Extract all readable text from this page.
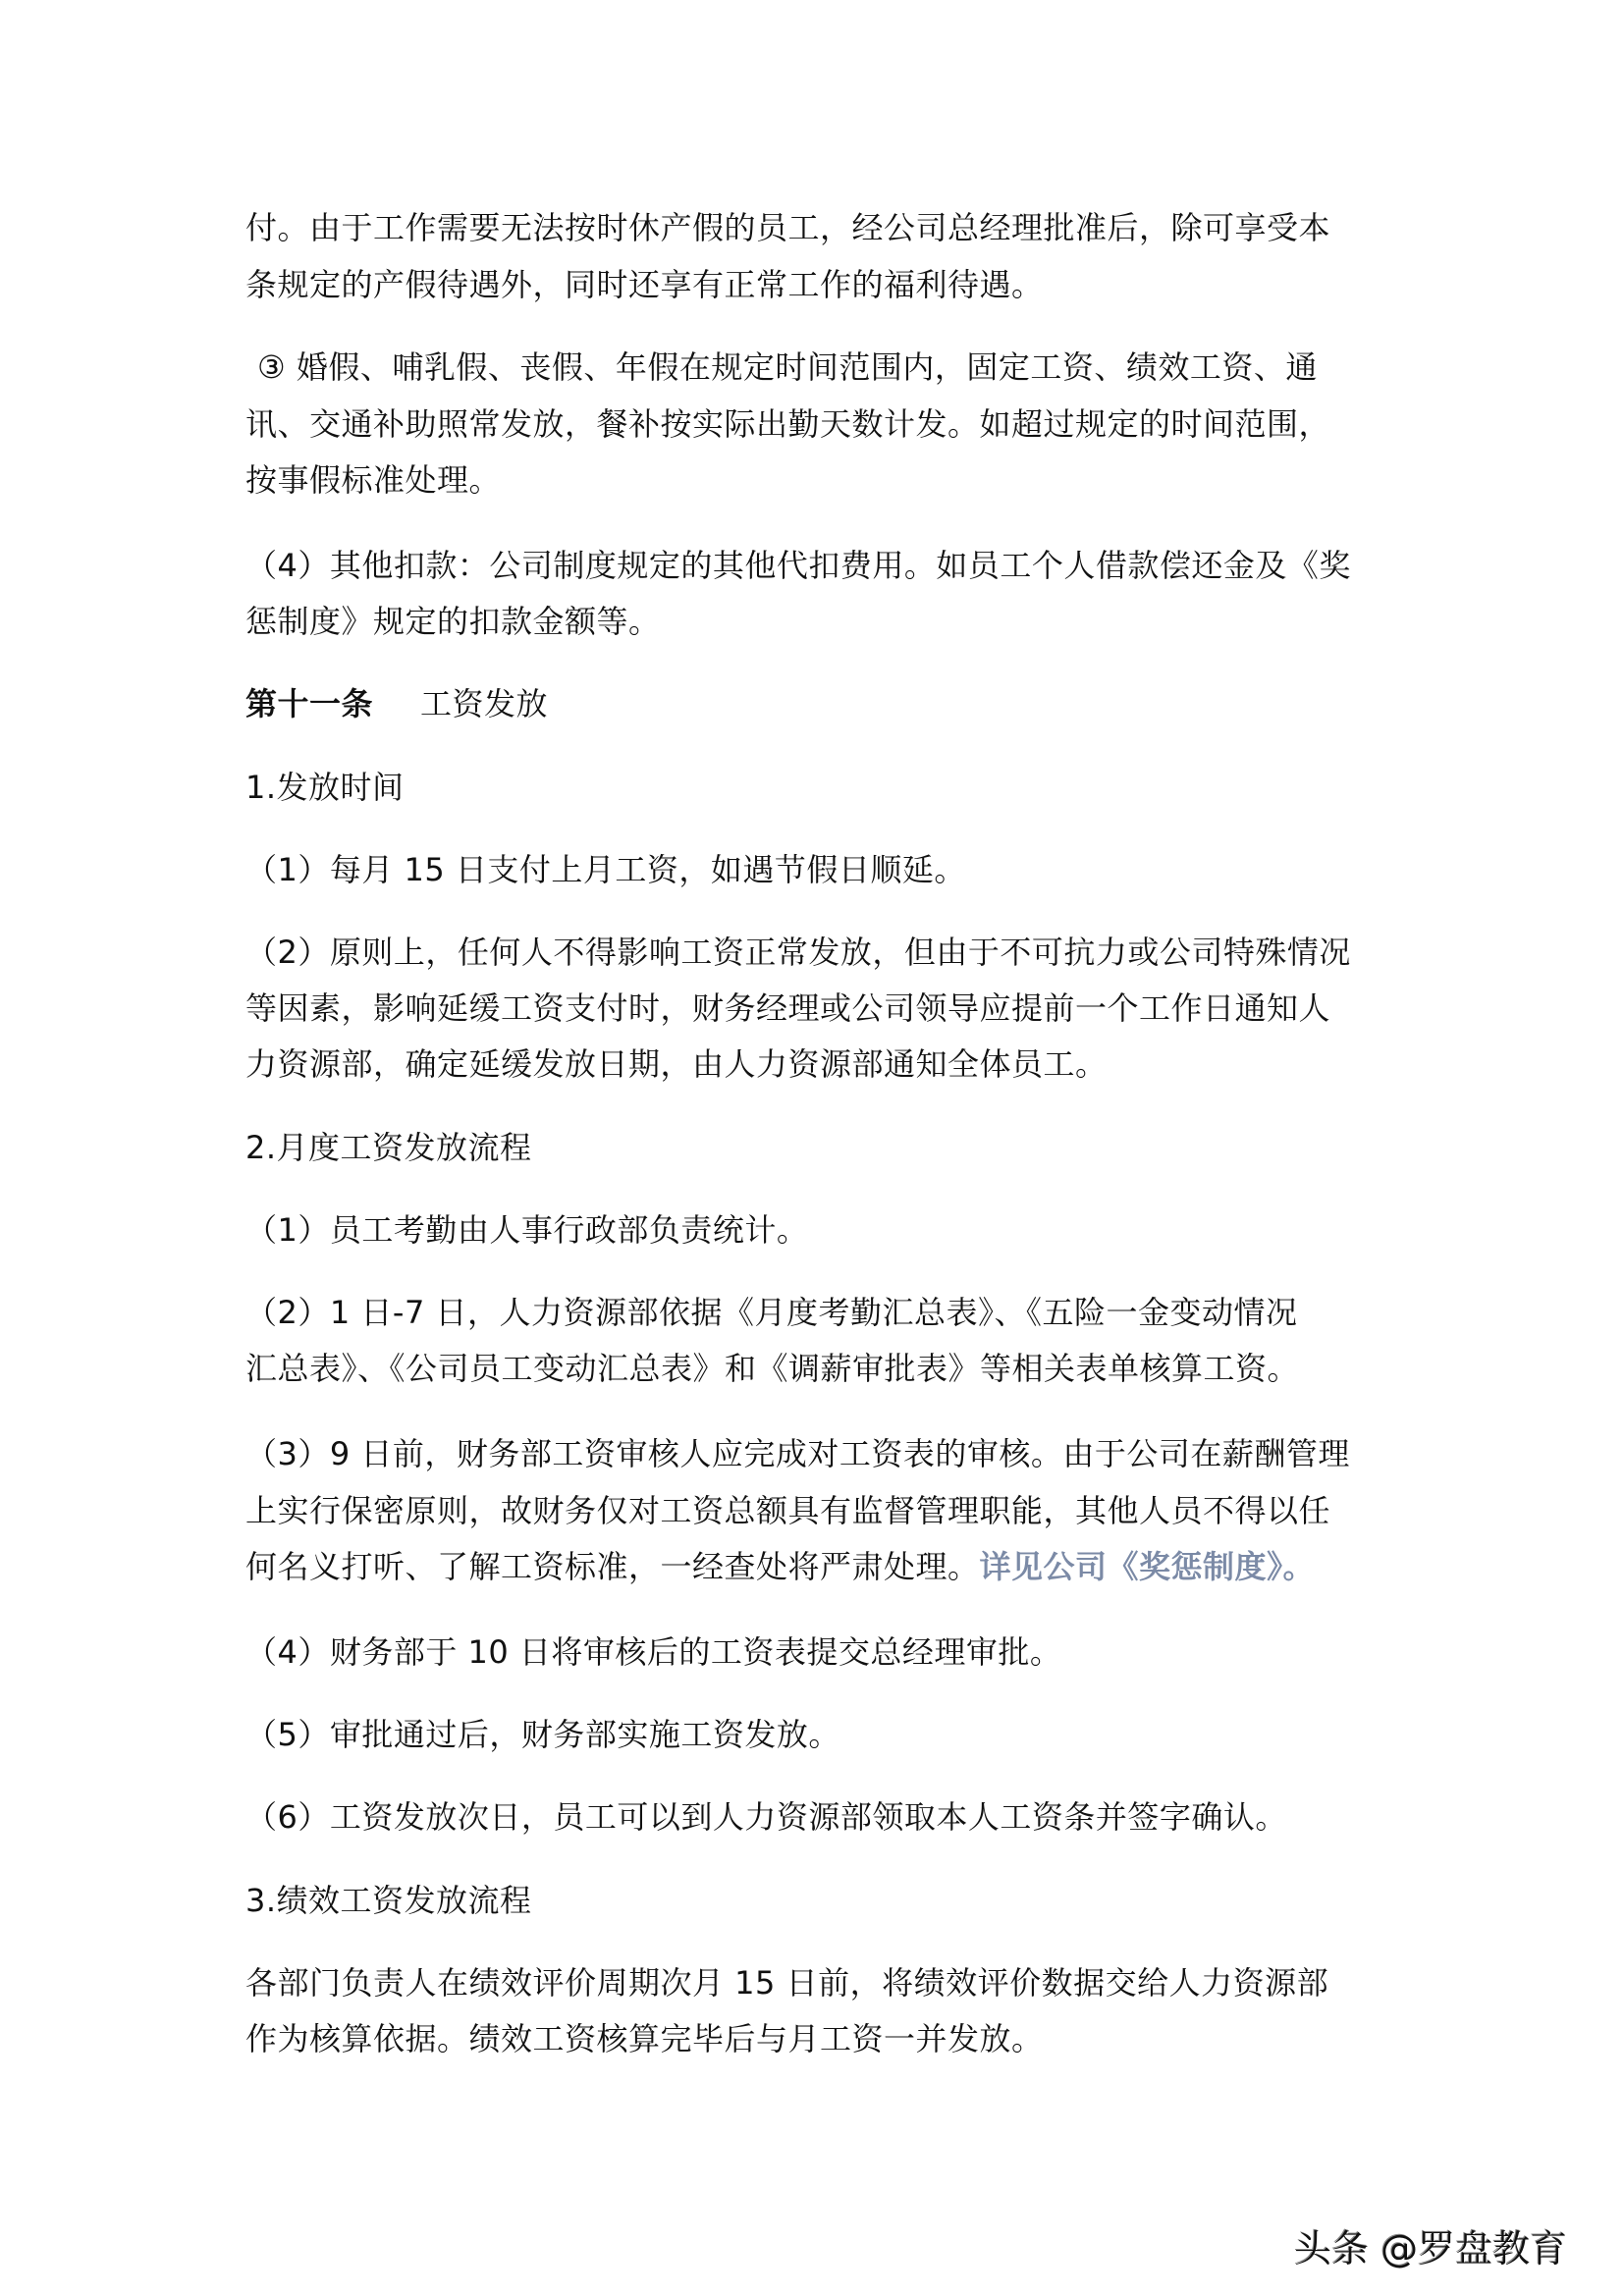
付。由于工作需要无法按时休产假的员工，经公司总经理批准后，除可享受本
条规定的产假待遇外，同时还享有正常工作的福利待遇。
③ 婚假、哺乳假、丧假、年假在规定时间范围内，固定工资、绩效工资、通
讯、交通补助照常发放，餐补按实际出勤天数计发。如超过规定的时间范围，
按事假标准处理。
（4）其他扣款：公司制度规定的其他代扣费用。如员工个人借款偿还金及《奖
惩制度》规定的扣款金额等。
第十一条 工资发放
1.发放时间
（1）每月 15 日支付上月工资，如遇节假日顺延。
（2）原则上，任何人不得影响工资正常发放，但由于不可抗力或公司特殊情况
等因素，影响延缓工资支付时，财务经理或公司领导应提前一个工作日通知人
力资源部，确定延缓发放日期，由人力资源部通知全体员工。
2.月度工资发放流程
（1）员工考勤由人事行政部负责统计。
（2）1 日-7 日，人力资源部依据《月度考勤汇总表》、《五险一金变动情况
汇总表》、《公司员工变动汇总表》和《调薪审批表》等相关表单核算工资。
（3）9 日前，财务部工资审核人应完成对工资表的审核。由于公司在薪酬管理
上实行保密原则，故财务仅对工资总额具有监督管理职能，其他人员不得以任
何名义打听、了解工资标准，一经查处将严肃处理。详见公司《奖惩制度》。
（4）财务部于 10 日将审核后的工资表提交总经理审批。
（5）审批通过后，财务部实施工资发放。
（6）工资发放次日，员工可以到人力资源部领取本人工资条并签字确认。
3.绩效工资发放流程
各部门负责人在绩效评价周期次月 15 日前，将绩效评价数据交给人力资源部
作为核算依据。绩效工资核算完毕后与月工资一并发放。
头条 @罗盘教育
